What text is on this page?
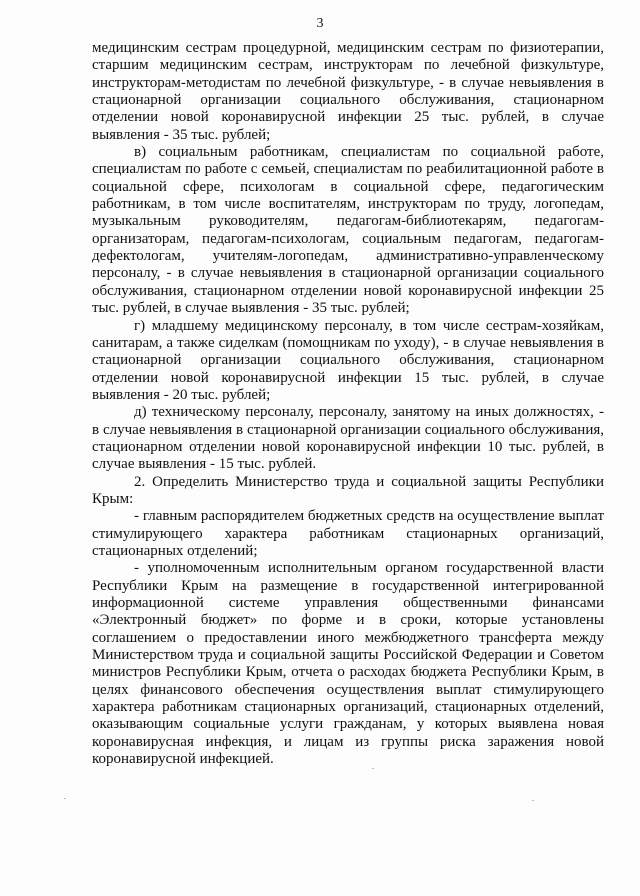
3

медицинским сестрам процедурной, медицинским сестрам по физиотерапии, старшим медицинским сестрам, инструкторам по лечебной физкультуре, инструкторам-методистам по лечебной физкультуре, - в случае невыявления в стационарной организации социального обслуживания, стационарном отделении новой коронавирусной инфекции 25 тыс. рублей, в случае выявления - 35 тыс. рублей;

в) социальным работникам, специалистам по социальной работе, специалистам по работе с семьей, специалистам по реабилитационной работе в социальной сфере, психологам в социальной сфере, педагогическим работникам, в том числе воспитателям, инструкторам по труду, логопедам, музыкальным руководителям, педагогам-библиотекарям, педагогам-организаторам, педагогам-психологам, социальным педагогам, педагогам-дефектологам, учителям-логопедам, административно-управленческому персоналу, - в случае невыявления в стационарной организации социального обслуживания, стационарном отделении новой коронавирусной инфекции 25 тыс. рублей, в случае выявления - 35 тыс. рублей;

г) младшему медицинскому персоналу, в том числе сестрам-хозяйкам, санитарам, а также сиделкам (помощникам по уходу), - в случае невыявления в стационарной организации социального обслуживания, стационарном отделении новой коронавирусной инфекции 15 тыс. рублей, в случае выявления - 20 тыс. рублей;

д) техническому персоналу, персоналу, занятому на иных должностях, - в случае невыявления в стационарной организации социального обслуживания, стационарном отделении новой коронавирусной инфекции 10 тыс. рублей, в случае выявления - 15 тыс. рублей.

2. Определить Министерство труда и социальной защиты Республики Крым:

- главным распорядителем бюджетных средств на осуществление выплат стимулирующего характера работникам стационарных организаций, стационарных отделений;

- уполномоченным исполнительным органом государственной власти Республики Крым на размещение в государственной интегрированной информационной системе управления общественными финансами «Электронный бюджет» по форме и в сроки, которые установлены соглашением о предоставлении иного межбюджетного трансферта между Министерством труда и социальной защиты Российской Федерации и Советом министров Республики Крым, отчета о расходах бюджета Республики Крым, в целях финансового обеспечения осуществления выплат стимулирующего характера работникам стационарных организаций, стационарных отделений, оказывающим социальные услуги гражданам, у которых выявлена новая коронавирусная инфекция, и лицам из группы риска заражения новой коронавирусной инфекцией.
